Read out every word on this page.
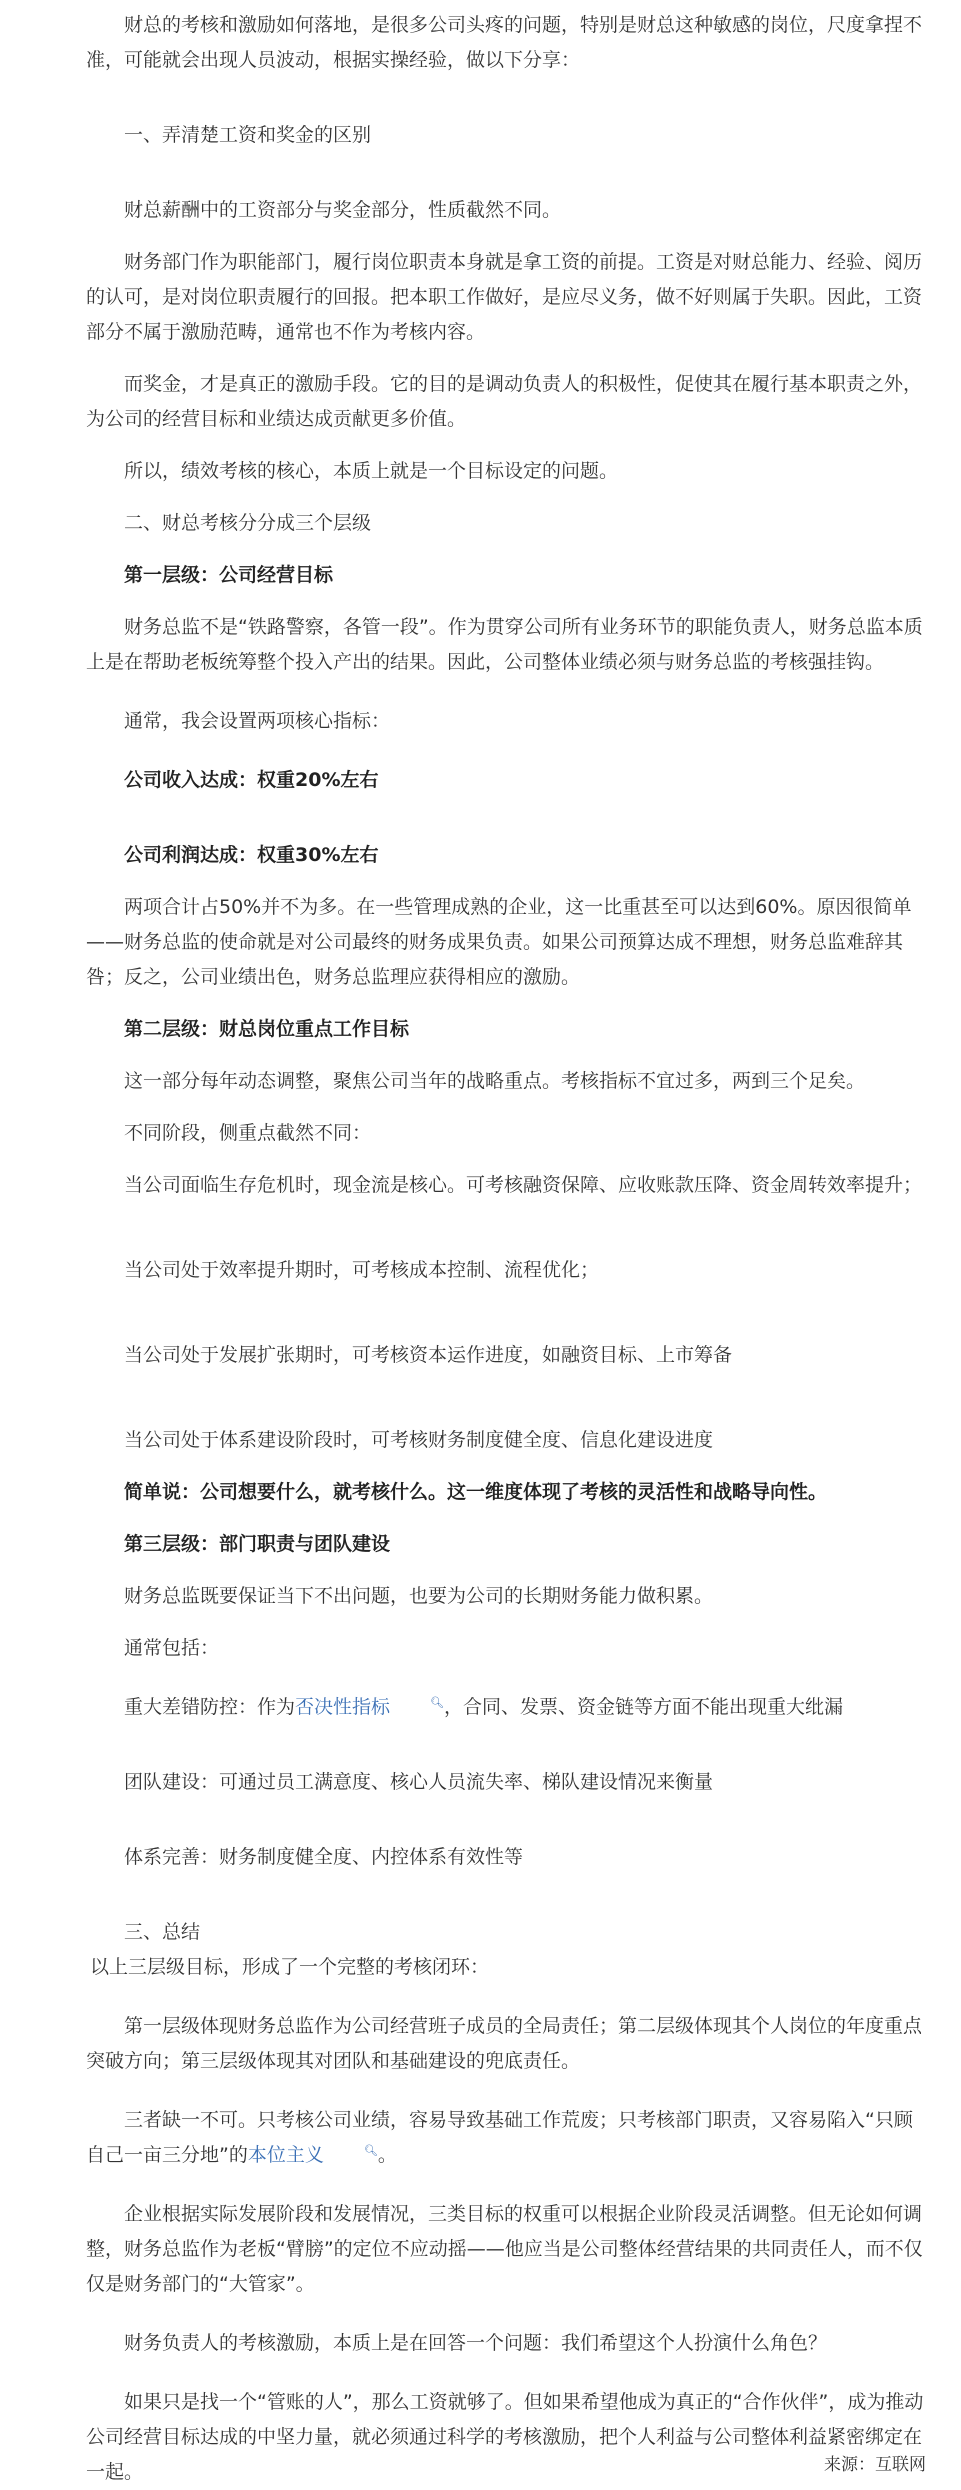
财总的考核和激励如何落地，是很多公司头疼的问题，特别是财总这种敏感的岗位，尺度拿捏不准，可能就会出现人员波动，根据实操经验，做以下分享：

一、弄清楚工资和奖金的区别

财总薪酬中的工资部分与奖金部分，性质截然不同。

财务部门作为职能部门，履行岗位职责本身就是拿工资的前提。工资是对财总能力、经验、阅历的认可，是对岗位职责履行的回报。把本职工作做好，是应尽义务，做不好则属于失职。因此，工资部分不属于激励范畴，通常也不作为考核内容。

而奖金，才是真正的激励手段。它的目的是调动负责人的积极性，促使其在履行基本职责之外，为公司的经营目标和业绩达成贡献更多价值。

所以，绩效考核的核心，本质上就是一个目标设定的问题。

二、财总考核分分成三个层级

第一层级：公司经营目标

财务总监不是“铁路警察，各管一段”。作为贯穿公司所有业务环节的职能负责人，财务总监本质上是在帮助老板统筹整个投入产出的结果。因此，公司整体业绩必须与财务总监的考核强挂钩。

通常，我会设置两项核心指标：

公司收入达成：权重20%左右

公司利润达成：权重30%左右

两项合计占50%并不为多。在一些管理成熟的企业，这一比重甚至可以达到60%。原因很简单——财务总监的使命就是对公司最终的财务成果负责。如果公司预算达成不理想，财务总监难辞其咎；反之，公司业绩出色，财务总监理应获得相应的激励。

第二层级：财总岗位重点工作目标

这一部分每年动态调整，聚焦公司当年的战略重点。考核指标不宜过多，两到三个足矣。

不同阶段，侧重点截然不同：

当公司面临生存危机时，现金流是核心。可考核融资保障、应收账款压降、资金周转效率提升；

当公司处于效率提升期时，可考核成本控制、流程优化；

当公司处于发展扩张期时，可考核资本运作进度，如融资目标、上市筹备

当公司处于体系建设阶段时，可考核财务制度健全度、信息化建设进度

简单说：公司想要什么，就考核什么。这一维度体现了考核的灵活性和战略导向性。

第三层级：部门职责与团队建设

财务总监既要保证当下不出问题，也要为公司的长期财务能力做积累。

通常包括：

重大差错防控：作为否决性指标	🔍︎，合同、发票、资金链等方面不能出现重大纰漏

团队建设：可通过员工满意度、核心人员流失率、梯队建设情况来衡量

体系完善：财务制度健全度、内控体系有效性等

三、总结

以上三层级目标，形成了一个完整的考核闭环：

第一层级体现财务总监作为公司经营班子成员的全局责任；第二层级体现其个人岗位的年度重点突破方向；第三层级体现其对团队和基础建设的兜底责任。

三者缺一不可。只考核公司业绩，容易导致基础工作荒废；只考核部门职责，又容易陷入“只顾自己一亩三分地”的本位主义	🔍︎。

企业根据实际发展阶段和发展情况，三类目标的权重可以根据企业阶段灵活调整。但无论如何调整，财务总监作为老板“臂膀”的定位不应动摇——他应当是公司整体经营结果的共同责任人，而不仅仅是财务部门的“大管家”。

财务负责人的考核激励，本质上是在回答一个问题：我们希望这个人扮演什么角色？

如果只是找一个“管账的人”，那么工资就够了。但如果希望他成为真正的“合作伙伴”，成为推动公司经营目标达成的中坚力量，就必须通过科学的考核激励，把个人利益与公司整体利益紧密绑定在一起。	来源：互联网
